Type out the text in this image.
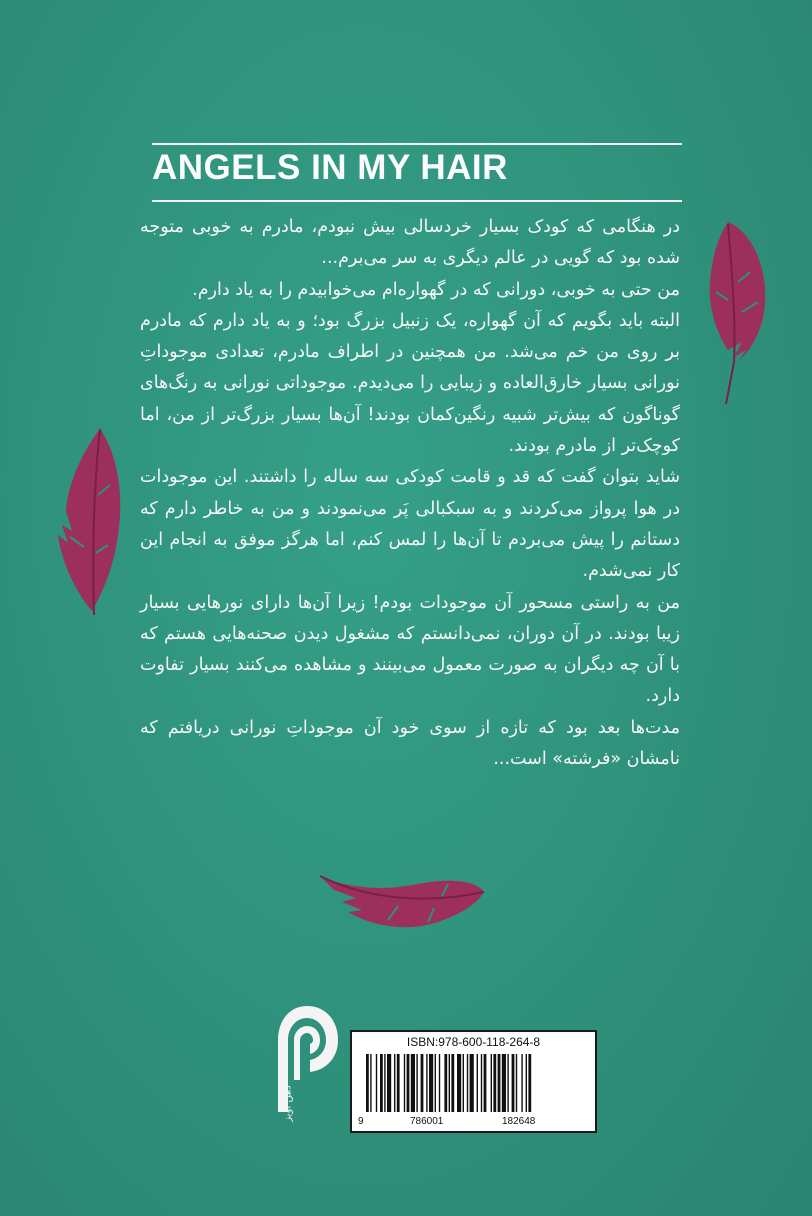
ANGELS IN MY HAIR

در هنگامی که کودک بسیار خردسالی بیش نبودم، مادرم به خوبی متوجه شده بود که گویی در عالم دیگری به سر می‌برم...

من حتی به خوبی، دورانی که در گهواره‌ام می‌خوابیدم را به یاد دارم.

البته باید بگویم که آن گهواره، یک زنبیل بزرگ بود؛ و به یاد دارم که مادرم بر روی من خم می‌شد. من همچنین در اطراف مادرم، تعدادی موجوداتِ نورانی بسیار خارق‌العاده و زیبایی را می‌دیدم. موجوداتی نورانی به رنگ‌های گوناگون که بیش‌تر شبیه رنگین‌کمان بودند! آن‌ها بسیار بزرگ‌تر از من، اما کوچک‌تر از مادرم بودند.

شاید بتوان گفت که قد و قامت کودکی سه ساله را داشتند. این موجودات در هوا پرواز می‌کردند و به سبکبالی پَر می‌نمودند و من به خاطر دارم که دستانم را پیش می‌بردم تا آن‌ها را لمس کنم، اما هرگز موفق به انجام این کار نمی‌شدم.

من به راستی مسحور آن موجودات بودم! زیرا آن‌ها دارای نورهایی بسیار زیبا بودند. در آن دوران، نمی‌دانستم که مشغول دیدن صحنه‌هایی هستم که با آن چه دیگران به صورت معمول می‌بینند و مشاهده می‌کنند بسیار تفاوت دارد.

مدت‌ها بعد بود که تازه از سوی خود آن موجوداتِ نورانی دریافتم که نامشان «فرشته» است...

ذهن آویز
ISBN:978-600-118-264-8
9	786001	182648
